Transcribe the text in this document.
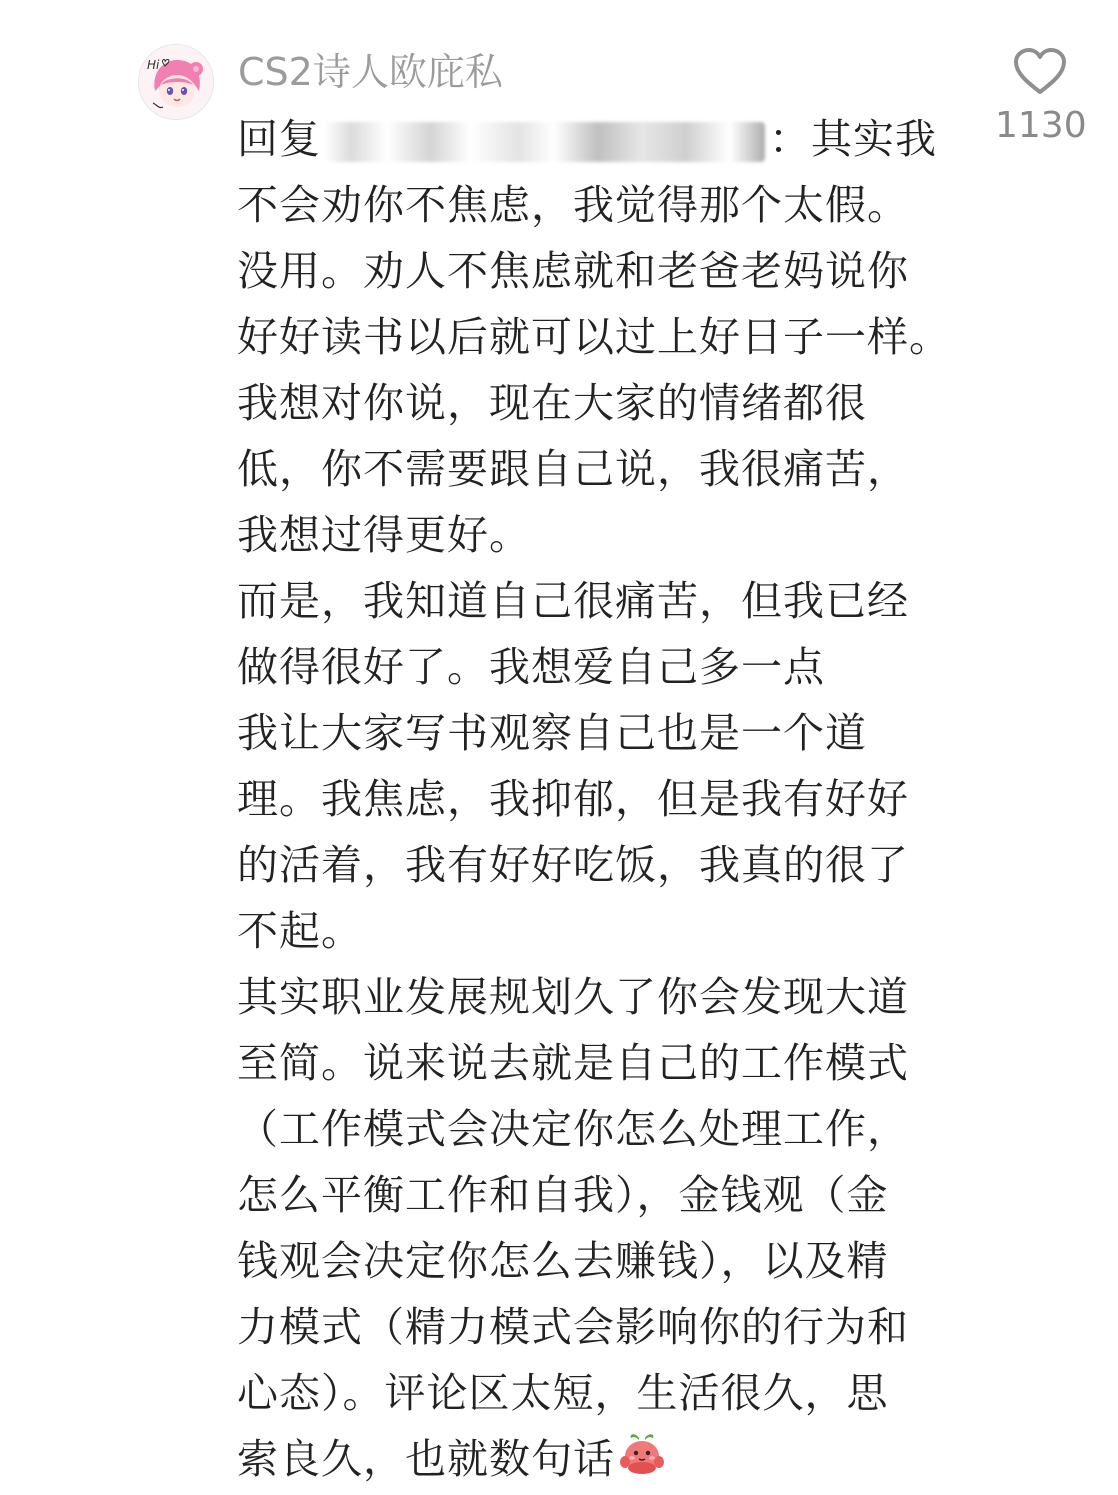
Hi CS2诗人欧庇私
回复	：其实我
不会劝你不焦虑，我觉得那个太假。
没用。劝人不焦虑就和老爸老妈说你
好好读书以后就可以过上好日子一样。
我想对你说，现在大家的情绪都很
低，你不需要跟自己说，我很痛苦，
我想过得更好。
而是，我知道自己很痛苦，但我已经
做得很好了。我想爱自己多一点
我让大家写书观察自己也是一个道
理。我焦虑，我抑郁，但是我有好好
的活着，我有好好吃饭，我真的很了
不起。
其实职业发展规划久了你会发现大道
至简。说来说去就是自己的工作模式
（工作模式会决定你怎么处理工作，
怎么平衡工作和自我），金钱观（金
钱观会决定你怎么去赚钱），以及精
力模式（精力模式会影响你的行为和
心态）。评论区太短，生活很久，思
索良久，也就数句话
1130
